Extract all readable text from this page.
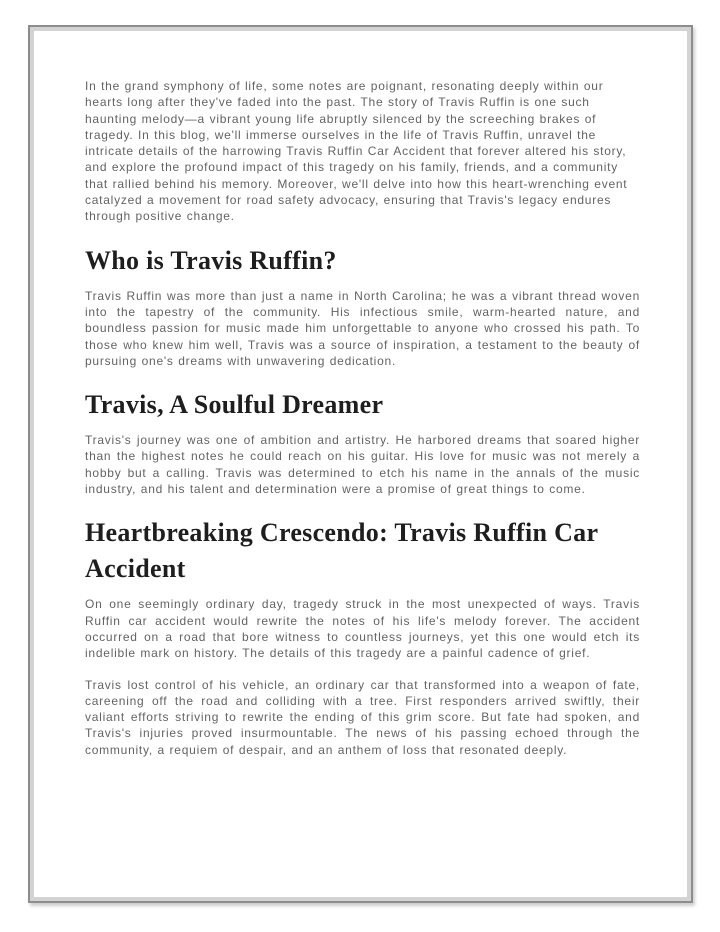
In the grand symphony of life, some notes are poignant, resonating deeply within our hearts long after they've faded into the past. The story of Travis Ruffin is one such haunting melody—a vibrant young life abruptly silenced by the screeching brakes of tragedy. In this blog, we'll immerse ourselves in the life of Travis Ruffin, unravel the intricate details of the harrowing Travis Ruffin Car Accident that forever altered his story, and explore the profound impact of this tragedy on his family, friends, and a community that rallied behind his memory. Moreover, we'll delve into how this heart-wrenching event catalyzed a movement for road safety advocacy, ensuring that Travis's legacy endures through positive change.

Who is Travis Ruffin?

Travis Ruffin was more than just a name in North Carolina; he was a vibrant thread woven into the tapestry of the community. His infectious smile, warm-hearted nature, and boundless passion for music made him unforgettable to anyone who crossed his path. To those who knew him well, Travis was a source of inspiration, a testament to the beauty of pursuing one's dreams with unwavering dedication.

Travis, A Soulful Dreamer

Travis's journey was one of ambition and artistry. He harbored dreams that soared higher than the highest notes he could reach on his guitar. His love for music was not merely a hobby but a calling. Travis was determined to etch his name in the annals of the music industry, and his talent and determination were a promise of great things to come.

Heartbreaking Crescendo: Travis Ruffin Car Accident

On one seemingly ordinary day, tragedy struck in the most unexpected of ways. Travis Ruffin car accident would rewrite the notes of his life's melody forever. The accident occurred on a road that bore witness to countless journeys, yet this one would etch its indelible mark on history. The details of this tragedy are a painful cadence of grief.

Travis lost control of his vehicle, an ordinary car that transformed into a weapon of fate, careening off the road and colliding with a tree. First responders arrived swiftly, their valiant efforts striving to rewrite the ending of this grim score. But fate had spoken, and Travis's injuries proved insurmountable. The news of his passing echoed through the community, a requiem of despair, and an anthem of loss that resonated deeply.
